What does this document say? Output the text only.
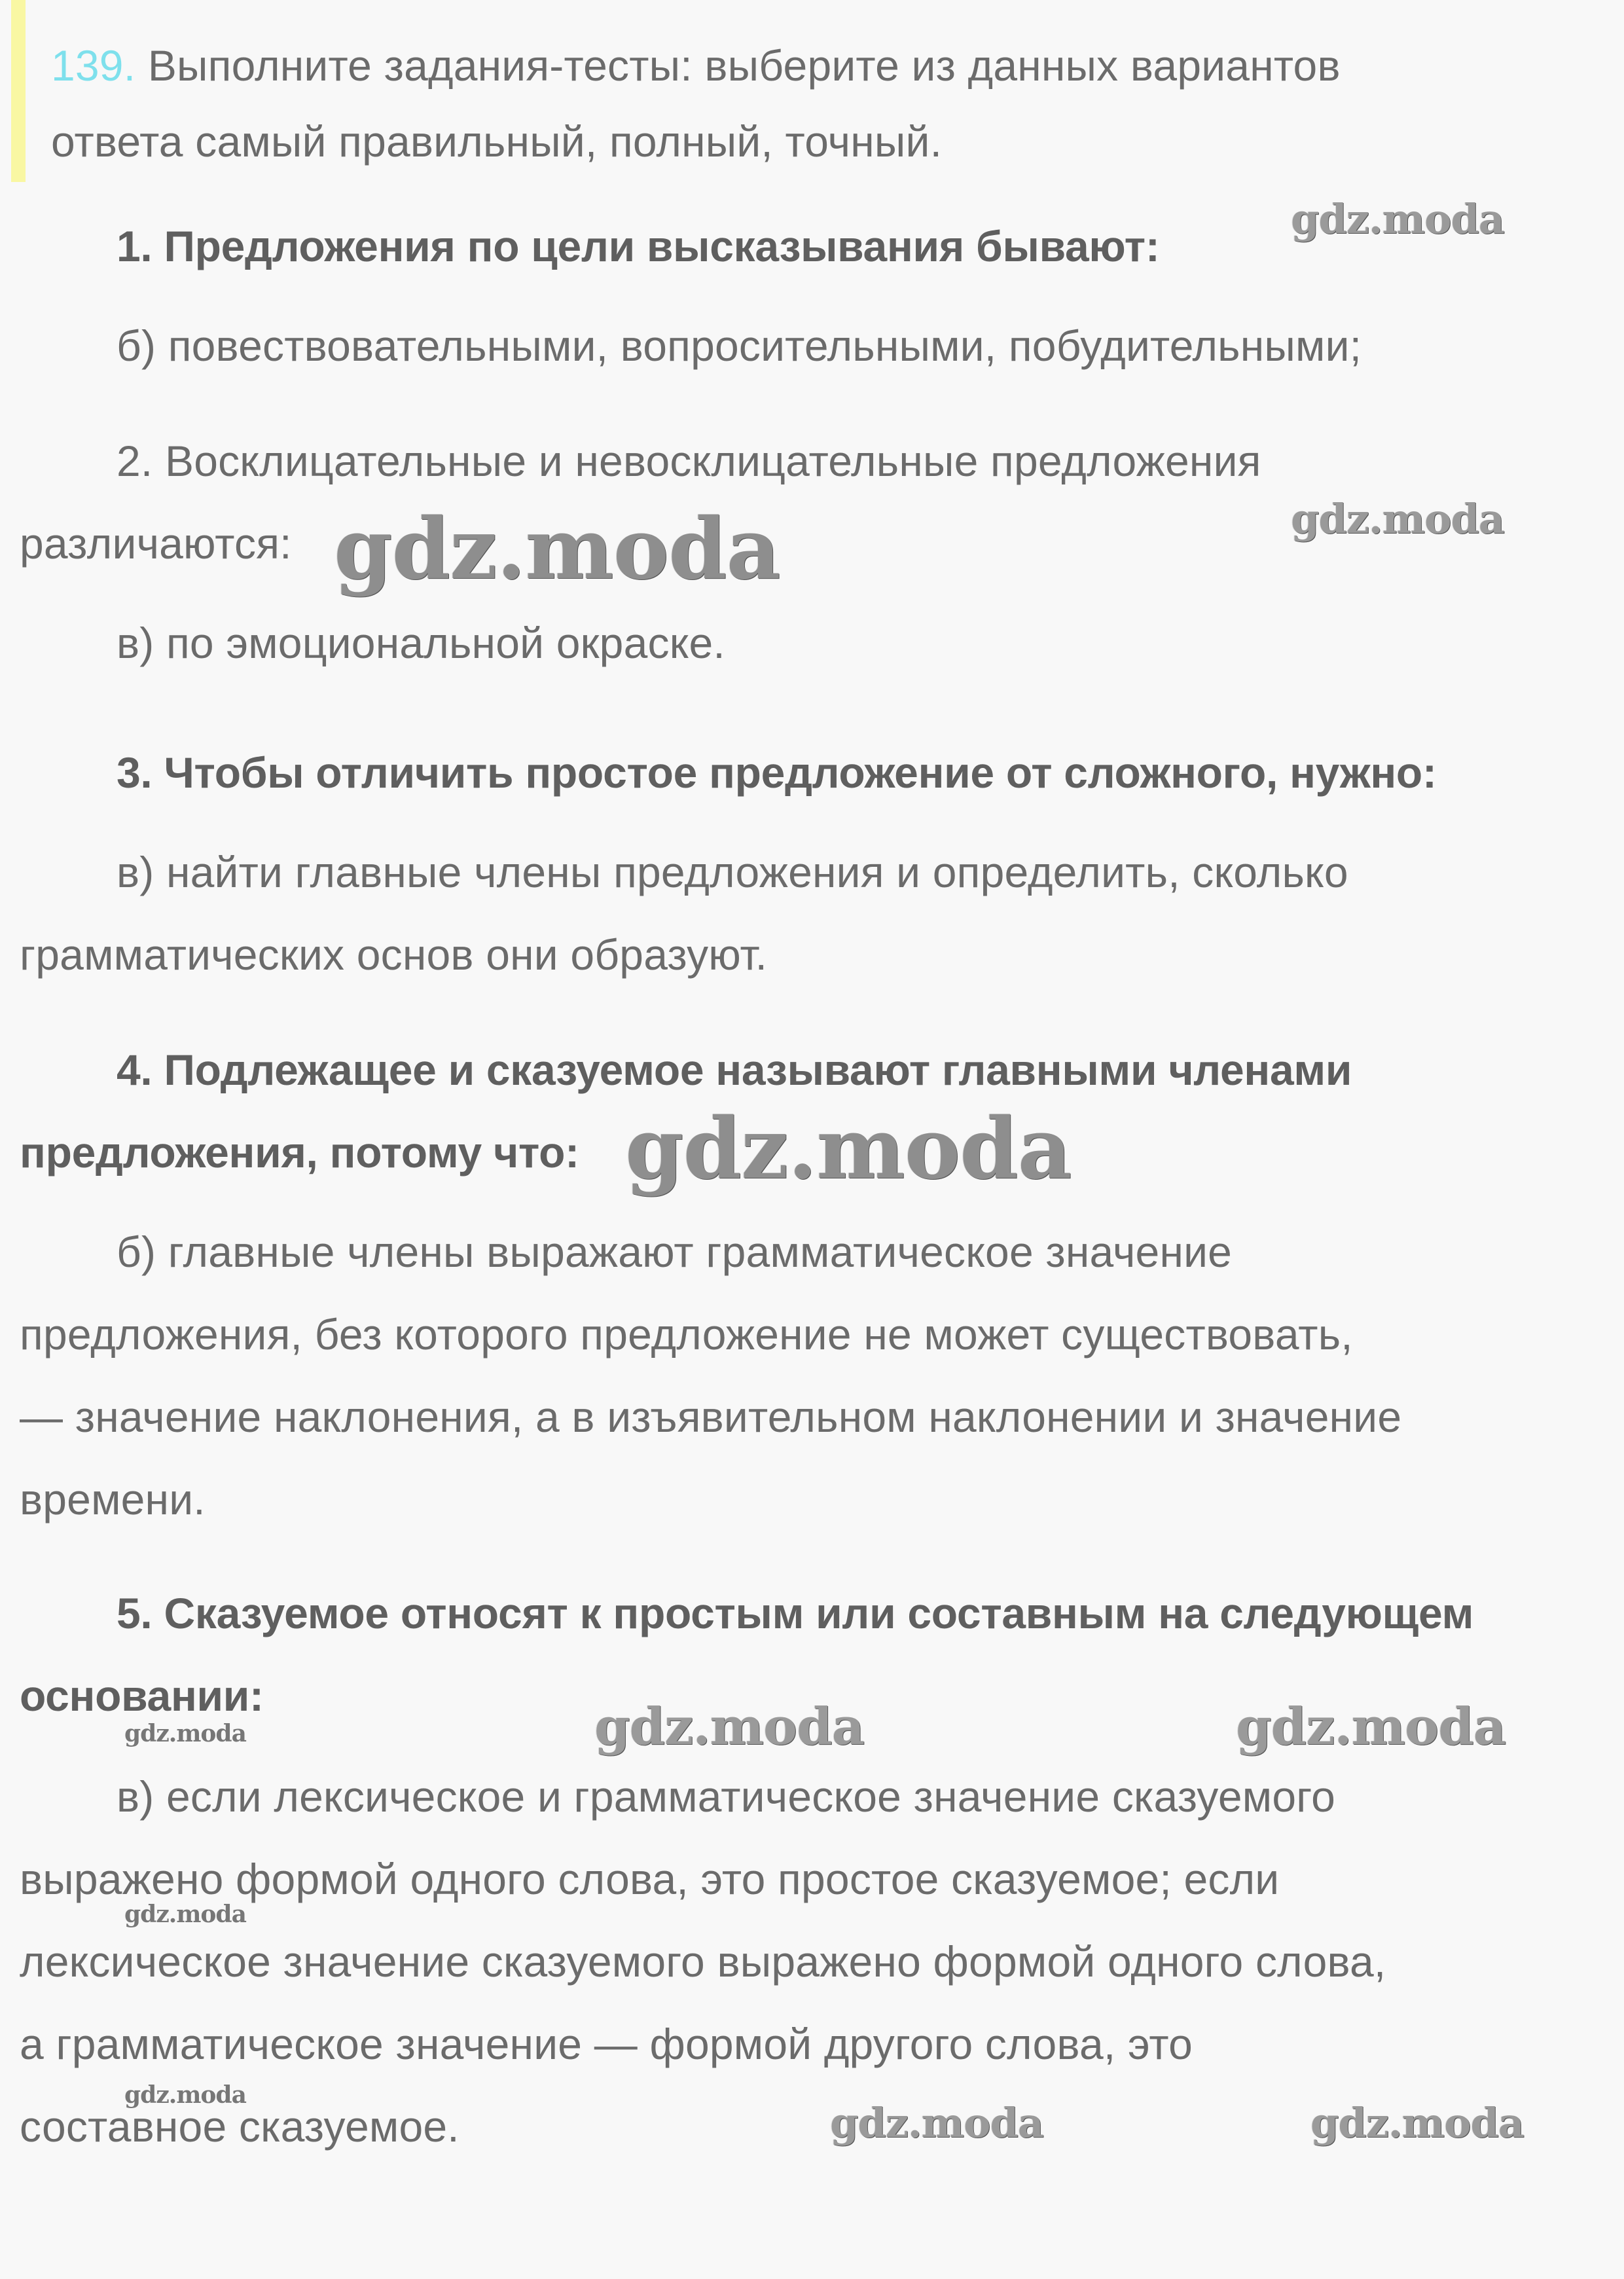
139. Выполните задания-тесты: выберите из данных вариантов
ответа самый правильный, полный, точный.
1. Предложения по цели высказывания бывают:
б) повествовательными, вопросительными, побудительными;
2. Восклицательные и невосклицательные предложения
различаются:
в) по эмоциональной окраске.
3. Чтобы отличить простое предложение от сложного, нужно:
в) найти главные члены предложения и определить, сколько
грамматических основ они образуют.
4. Подлежащее и сказуемое называют главными членами
предложения, потому что:
б) главные члены выражают грамматическое значение
предложения, без которого предложение не может существовать,
— значение наклонения, а в изъявительном наклонении и значение
времени.
5. Сказуемое относят к простым или составным на следующем
основании:
в) если лексическое и грамматическое значение сказуемого
выражено формой одного слова, это простое сказуемое; если
лексическое значение сказуемого выражено формой одного слова,
а грамматическое значение — формой другого слова, это
составное сказуемое.
gdz.moda
gdz.moda
gdz.moda
gdz.moda
gdz.moda	gdz.moda	gdz.moda
gdz.moda
gdz.moda
gdz.moda	gdz.moda
